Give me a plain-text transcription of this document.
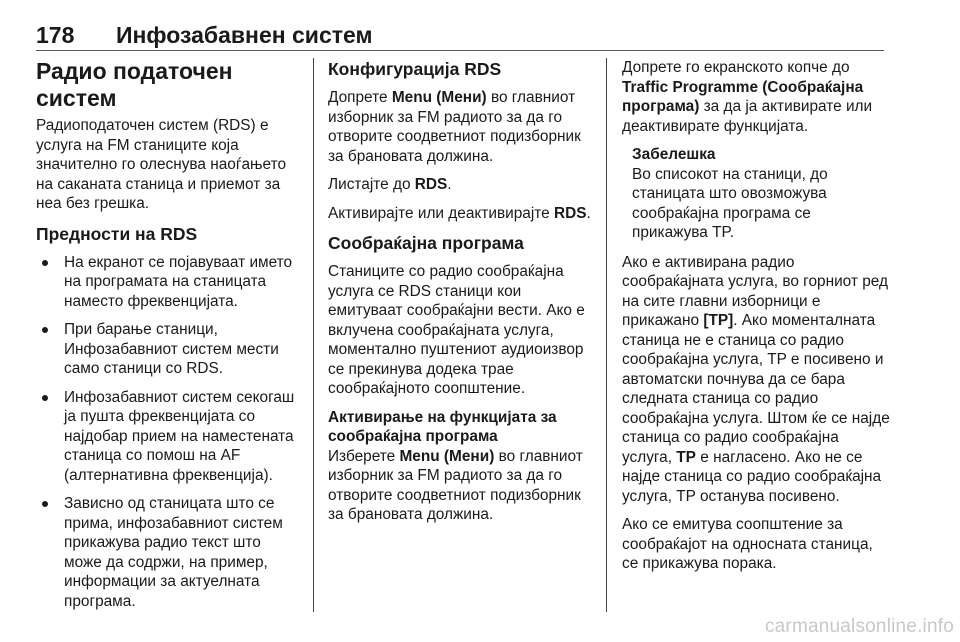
178	Инфозабавнен систем
Радио податочен систем

Радиоподаточен систем (RDS) е услуга на FM станиците која значително го олеснува наоѓањето на саканата станица и приемот за неа без грешка.

Предности на RDS
На екранот се појавуваат името на програмата на станицата наместо фреквенцијата.
При барање станици, Инфозабавниот систем мести само станици со RDS.
Инфозабавниот систем секогаш ја пушта фреквенцијата со најдобар прием на наместената станица со помош на AF (алтернативна фреквенција).
Зависно од станицата што се прима, инфозабавниот систем прикажува радио текст што може да содржи, на пример, информации за актуелната програма.
Конфигурација RDS

Допрете Menu (Мени) во главниот изборник за FM радиото за да го отворите соодветниот подизборник за брановата должина.

Листајте до RDS.

Активирајте или деактивирајте RDS.

Сообраќајна програма

Станиците со радио сообраќајна услуга се RDS станици кои емитуваат сообраќајни вести. Ако е вклучена сообраќајната услуга, моментално пуштениот аудиоизвор се прекинува додека трае сообраќајното соопштение.

Активирање на функцијата за сообраќајна програма

Изберете Menu (Мени) во главниот изборник за FM радиото за да го отворите соодветниот подизборник за брановата должина.

Допрете го екранското копче до Traffic Programme (Сообраќајна програма) за да ја активирате или деактивирате функцијата.

Забелешка
Во списокот на станици, до станицата што овозможува сообраќајна програма се прикажува TP.

Ако е активирана радио сообраќајната услуга, во горниот ред на сите главни изборници е прикажано [TP]. Ако моменталната станица не е станица со радио сообраќајна услуга, TP е посивено и автоматски почнува да се бара следната станица со радио сообраќајна услуга. Штом ќе се најде станица со радио сообраќајна услуга, TP е нагласено. Ако не се најде станица со радио сообраќајна услуга, TP останува посивено.

Ако се емитува соопштение за сообраќајот на односната станица, се прикажува порака.

carmanualsonline.info
